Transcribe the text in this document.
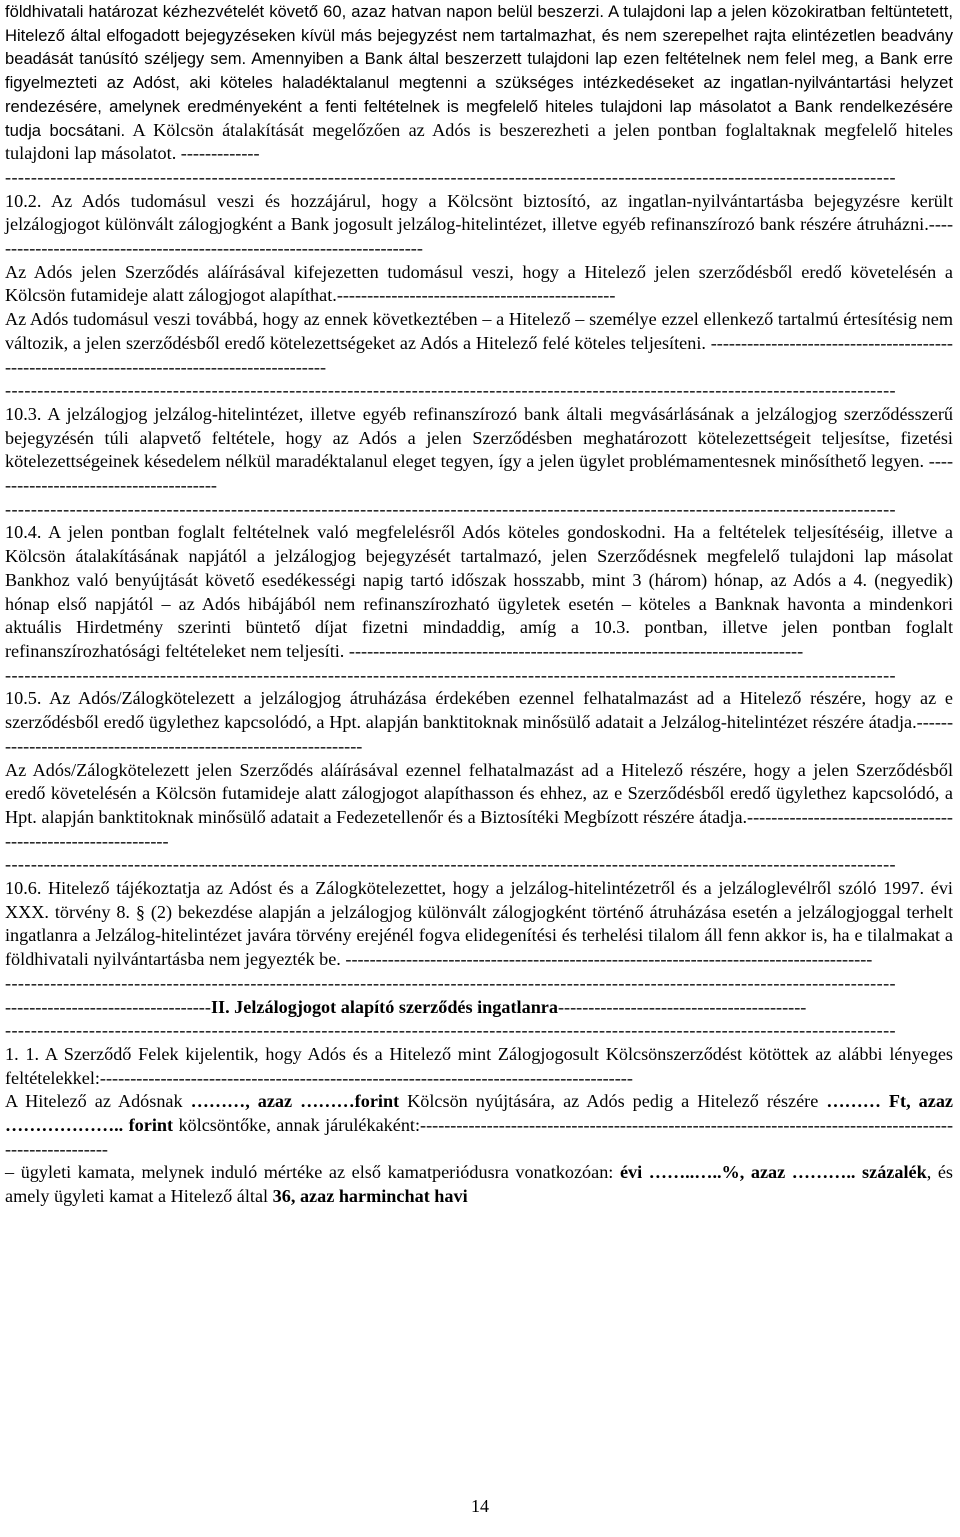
földhivatali határozat kézhezvételét követő 60, azaz hatvan napon belül beszerzi. A tulajdoni lap a jelen közokiratban feltüntetett, Hitelező által elfogadott bejegyzéseken kívül más bejegyzést nem tartalmazhat, és nem szerepelhet rajta elintézetlen beadvány beadását tanúsító széljegy sem. Amennyiben a Bank által beszerzett tulajdoni lap ezen feltételnek nem felel meg, a Bank erre figyelmezteti az Adóst, aki köteles haladéktalanul megtenni a szükséges intézkedéseket az ingatlan-nyilvántartási helyzet rendezésére, amelynek eredményeként a fenti feltételnek is megfelelő hiteles tulajdoni lap másolatot a Bank rendelkezésére tudja bocsátani. A Kölcsön átalakítását megelőzően az Adós is beszerezheti a jelen pontban foglaltaknak megfelelő hiteles tulajdoni lap másolatot. -------------

------------------------------------------------------------------------------------------------------------------------------------------

10.2. Az Adós tudomásul veszi és hozzájárul, hogy a Kölcsönt biztosító, az ingatlan-nyilvántartásba bejegyzésre került jelzálogjogot különvált zálogjogként a Bank jogosult jelzálog-hitelintézet, illetve egyéb refinanszírozó bank részére átruházni.-------------------------------------------------------------------------

Az Adós jelen Szerződés aláírásával kifejezetten tudomásul veszi, hogy a Hitelező jelen szerződésből eredő követelésén a Kölcsön futamideje alatt zálogjogot alapíthat.----------------------------------------------

Az Adós tudomásul veszi továbbá, hogy az ennek következtében – a Hitelező – személye ezzel ellenkező tartalmú értesítésig nem változik, a jelen szerződésből eredő kötelezettségeket az Adós a Hitelező felé köteles teljesíteni. ---------------------------------------------------------------------------------------------

------------------------------------------------------------------------------------------------------------------------------------------

10.3. A jelzálogjog jelzálog-hitelintézet, illetve egyéb refinanszírozó bank általi megvásárlásának a jelzálogjog szerződésszerű bejegyzésén túli alapvető feltétele, hogy az Adós a jelen Szerződésben meghatározott kötelezettségeit teljesítse, fizetési kötelezettségeinek késedelem nélkül maradéktalanul eleget tegyen, így a jelen ügylet problémamentesnek minősíthető legyen. ---------------------------------------

------------------------------------------------------------------------------------------------------------------------------------------

10.4. A jelen pontban foglalt feltételnek való megfelelésről Adós köteles gondoskodni. Ha a feltételek teljesítéséig, illetve a Kölcsön átalakításának napjától a jelzálogjog bejegyzését tartalmazó, jelen Szerződésnek megfelelő tulajdoni lap másolat Bankhoz való benyújtását követő esedékességi napig tartó időszak hosszabb, mint 3 (három) hónap, az Adós a 4. (negyedik) hónap első napjától – az Adós hibájából nem refinanszírozható ügyletek esetén – köteles a Banknak havonta a mindenkori aktuális Hirdetmény szerinti büntető díjat fizetni mindaddig, amíg a 10.3. pontban, illetve jelen pontban foglalt refinanszírozhatósági feltételeket nem teljesíti. ---------------------------------------------------------------------------

------------------------------------------------------------------------------------------------------------------------------------------

10.5. Az Adós/Zálogkötelezett a jelzálogjog átruházása érdekében ezennel felhatalmazást ad a Hitelező részére, hogy az e szerződésből eredő ügylethez kapcsolódó, a Hpt. alapján banktitoknak minősülő adatait a Jelzálog-hitelintézet részére átadja.-----------------------------------------------------------------

Az Adós/Zálogkötelezett jelen Szerződés aláírásával ezennel felhatalmazást ad a Hitelező részére, hogy a jelen Szerződésből eredő követelésén a Kölcsön futamideje alatt zálogjogot alapíthasson és ehhez, az e Szerződésből eredő ügylethez kapcsolódó, a Hpt. alapján banktitoknak minősülő adatait a Fedezetellenőr és a Biztosítéki Megbízott részére átadja.-------------------------------------------------------------

------------------------------------------------------------------------------------------------------------------------------------------

10.6. Hitelező tájékoztatja az Adóst és a Zálogkötelezettet, hogy a jelzálog-hitelintézetről és a jelzáloglevélről szóló 1997. évi XXX. törvény 8. § (2) bekezdése alapján a jelzálogjog különvált zálogjogként történő átruházása esetén a jelzálogjoggal terhelt ingatlanra a Jelzálog-hitelintézet javára törvény erejénél fogva elidegenítési és terhelési tilalom áll fenn akkor is, ha e tilalmakat a földhivatali nyilvántartásba nem jegyezték be. ---------------------------------------------------------------------------------------

------------------------------------------------------------------------------------------------------------------------------------------
----------------------------------II. Jelzálogjogot alapító szerződés ingatlanra-----------------------------------------
------------------------------------------------------------------------------------------------------------------------------------------

1. 1. A Szerződő Felek kijelentik, hogy Adós és a Hitelező mint Zálogjogosult Kölcsönszerződést kötöttek az alábbi lényeges feltételekkel:----------------------------------------------------------------------------------------

A Hitelező az Adósnak ………, azaz ………forint Kölcsön nyújtására, az Adós pedig a Hitelező részére ……… Ft, azaz ……………….. forint kölcsöntőke, annak járulékaként:---------------------------------------------------------------------------------------------------------

– ügyleti kamata, melynek induló mértéke az első kamatperiódusra vonatkozóan: évi ……..…..%, azaz ……….. százalék, és amely ügyleti kamat a Hitelező által 36, azaz harminchat havi

14
